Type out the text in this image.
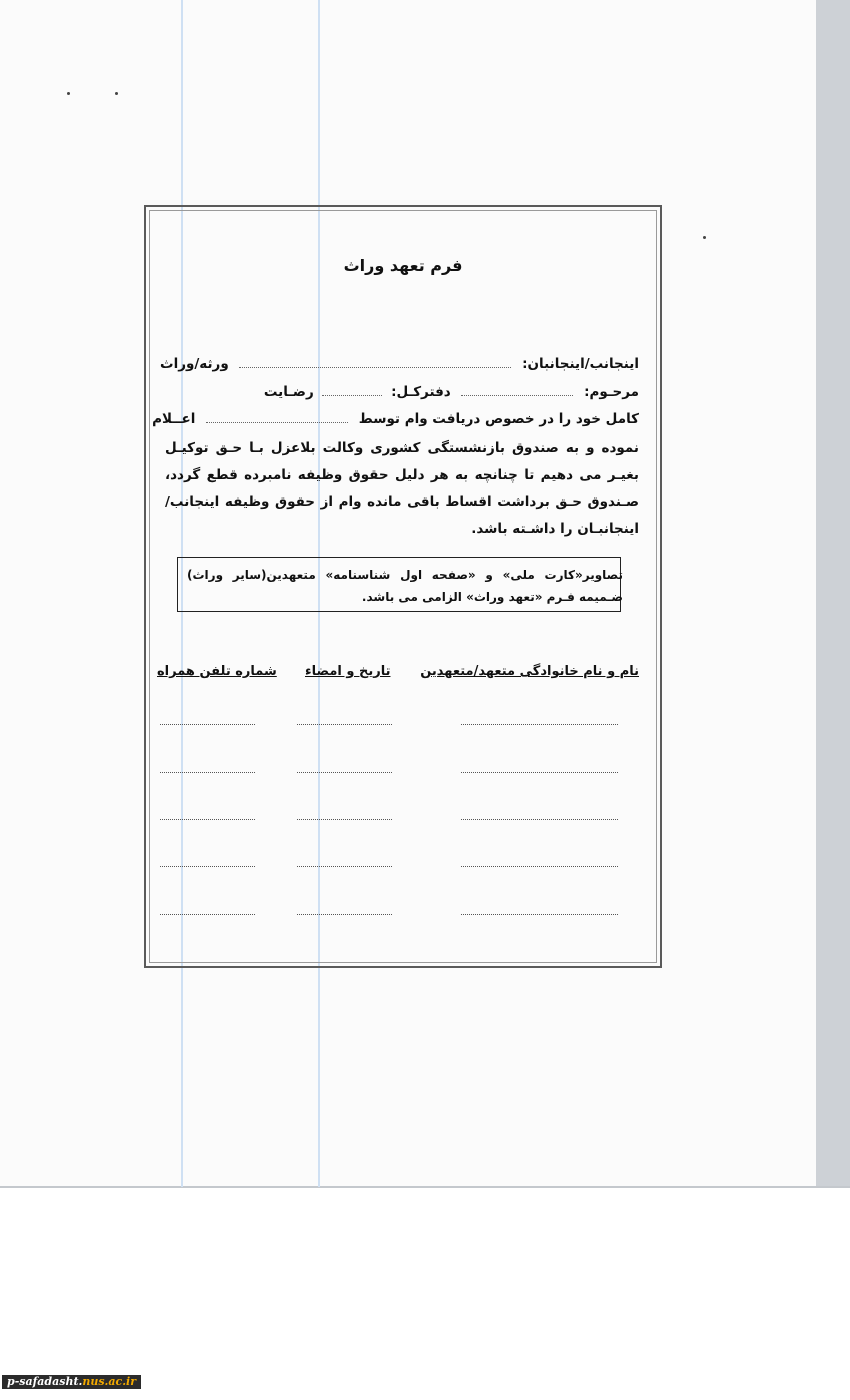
فرم تعهد وراث
اینجانب/اینجانبان:  ورثه/وراث
مرحـوم:  دفترکـل:  رضـایت
کامل خود را در خصوص دریافت وام توسط  اعــلام
نموده و به صندوق بازنشستگی کشوری وکالت بلاعزل بـا حـق توکیـل بغیـر می دهیم تا چنانچه به هر دلیل حقوق وظیفه نامبرده قطع گردد، صـندوق حـق برداشت اقساط باقی مانده وام از حقوق وظیفه اینجانب/اینجانبـان را داشـته باشد.
تصاویر«کارت ملی» و «صفحه اول شناسنامه» متعهدین(سایر وراث) ضـمیمه فـرم «تعهد وراث» الزامی می باشد.
نام و نام خانوادگی متعهد/متعهدین
تاریخ و امضاء
شماره تلفن همراه
p-safadasht.nus.ac.ir
